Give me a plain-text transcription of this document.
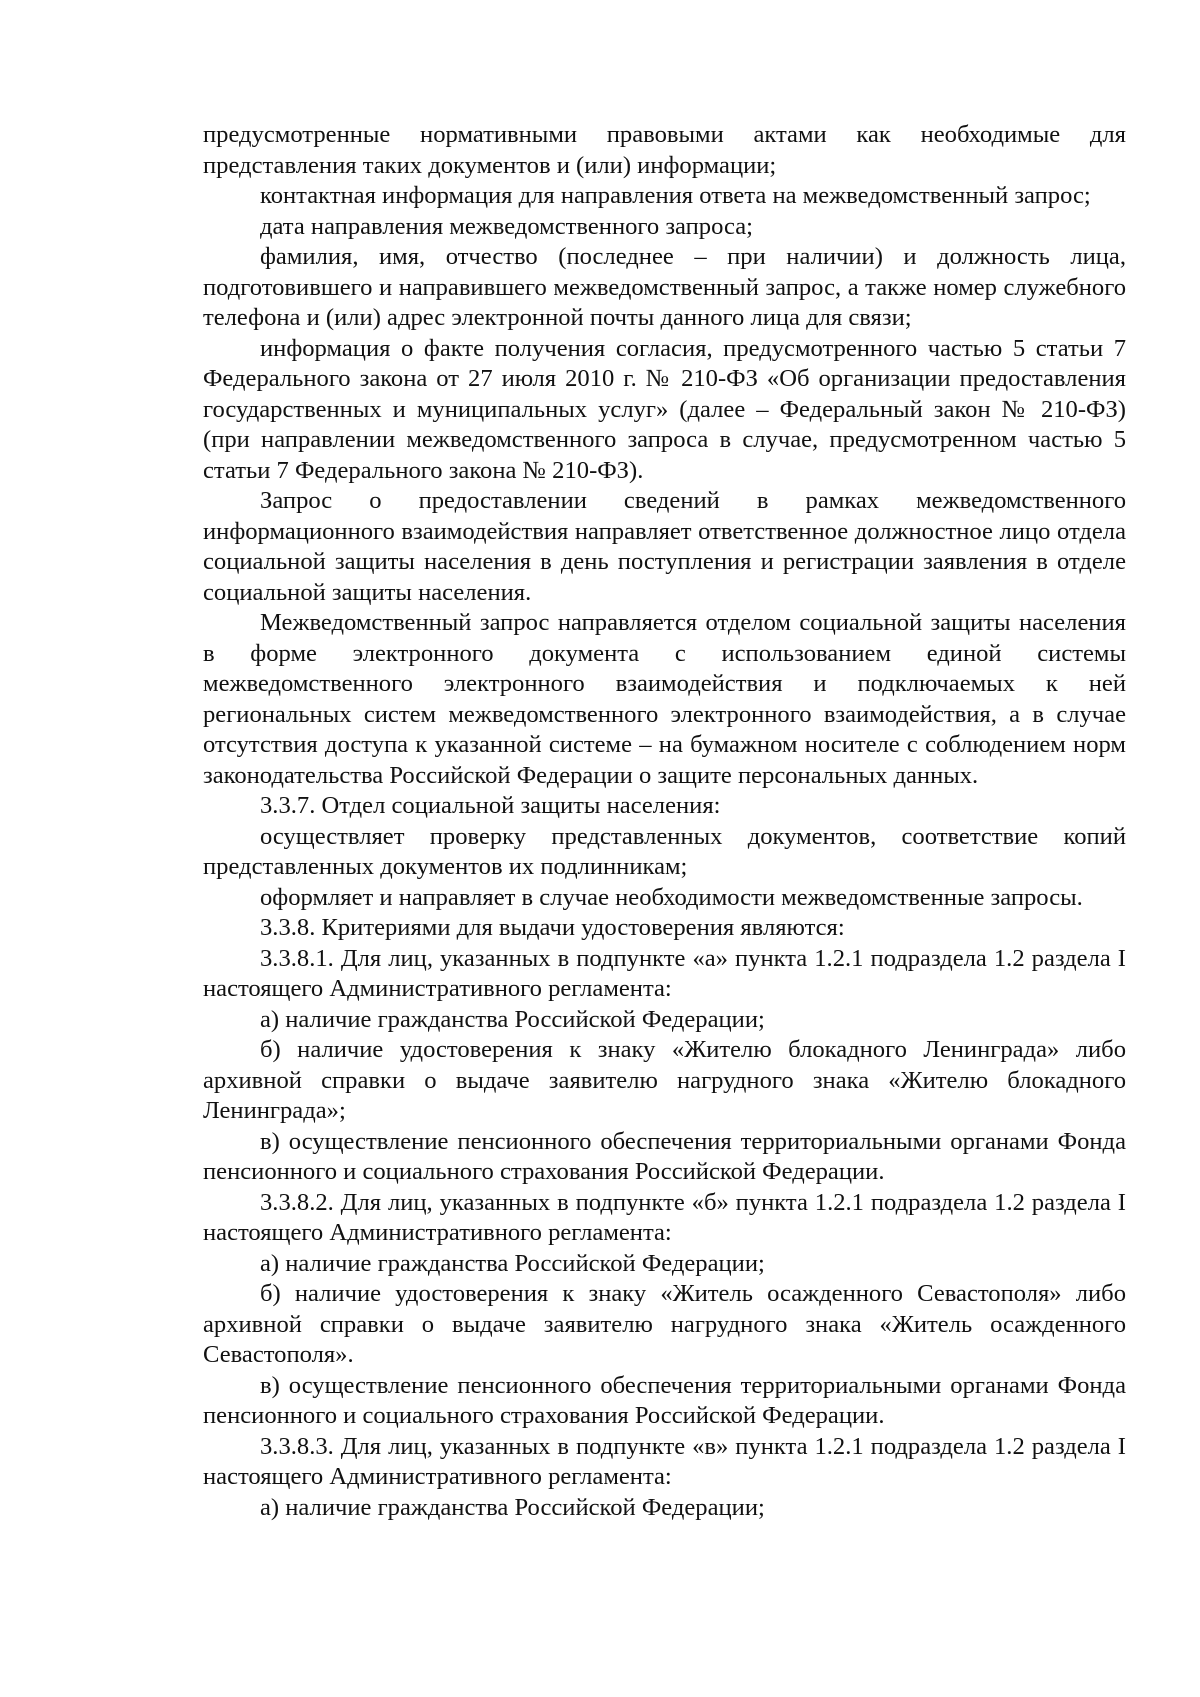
предусмотренные нормативными правовыми актами как необходимые для представления таких документов и (или) информации;

контактная информация для направления ответа на межведомственный запрос;

дата направления межведомственного запроса;

фамилия, имя, отчество (последнее – при наличии) и должность лица, подготовившего и направившего межведомственный запрос, а также номер служебного телефона и (или) адрес электронной почты данного лица для связи;

информация о факте получения согласия, предусмотренного частью 5 статьи 7 Федерального закона от 27 июля 2010 г. № 210-ФЗ «Об организации предоставления государственных и муниципальных услуг» (далее – Федеральный закон № 210-ФЗ) (при направлении межведомственного запроса в случае, предусмотренном частью 5 статьи 7 Федерального закона № 210-ФЗ).

Запрос о предоставлении сведений в рамках межведомственного информационного взаимодействия направляет ответственное должностное лицо отдела социальной защиты населения в день поступления и регистрации заявления в отделе социальной защиты населения.

Межведомственный запрос направляется отделом социальной защиты населения в форме электронного документа с использованием единой системы межведомственного электронного взаимодействия и подключаемых к ней региональных систем межведомственного электронного взаимодействия, а в случае отсутствия доступа к указанной системе – на бумажном носителе с соблюдением норм законодательства Российской Федерации о защите персональных данных.

3.3.7. Отдел социальной защиты населения:

осуществляет проверку представленных документов, соответствие копий представленных документов их подлинникам;

оформляет и направляет в случае необходимости межведомственные запросы.

3.3.8. Критериями для выдачи удостоверения являются:

3.3.8.1. Для лиц, указанных в подпункте «а» пункта 1.2.1 подраздела 1.2 раздела I настоящего Административного регламента:

а) наличие гражданства Российской Федерации;

б) наличие удостоверения к знаку «Жителю блокадного Ленинграда» либо архивной справки о выдаче заявителю нагрудного знака «Жителю блокадного Ленинграда»;

в) осуществление пенсионного обеспечения территориальными органами Фонда пенсионного и социального страхования Российской Федерации.

3.3.8.2. Для лиц, указанных в подпункте «б» пункта 1.2.1 подраздела 1.2 раздела I настоящего Административного регламента:

а) наличие гражданства Российской Федерации;

б) наличие удостоверения к знаку «Житель осажденного Севастополя» либо архивной справки о выдаче заявителю нагрудного знака «Житель осажденного Севастополя».

в) осуществление пенсионного обеспечения территориальными органами Фонда пенсионного и социального страхования Российской Федерации.

3.3.8.3. Для лиц, указанных в подпункте «в» пункта 1.2.1 подраздела 1.2 раздела I настоящего Административного регламента:

а) наличие гражданства Российской Федерации;
